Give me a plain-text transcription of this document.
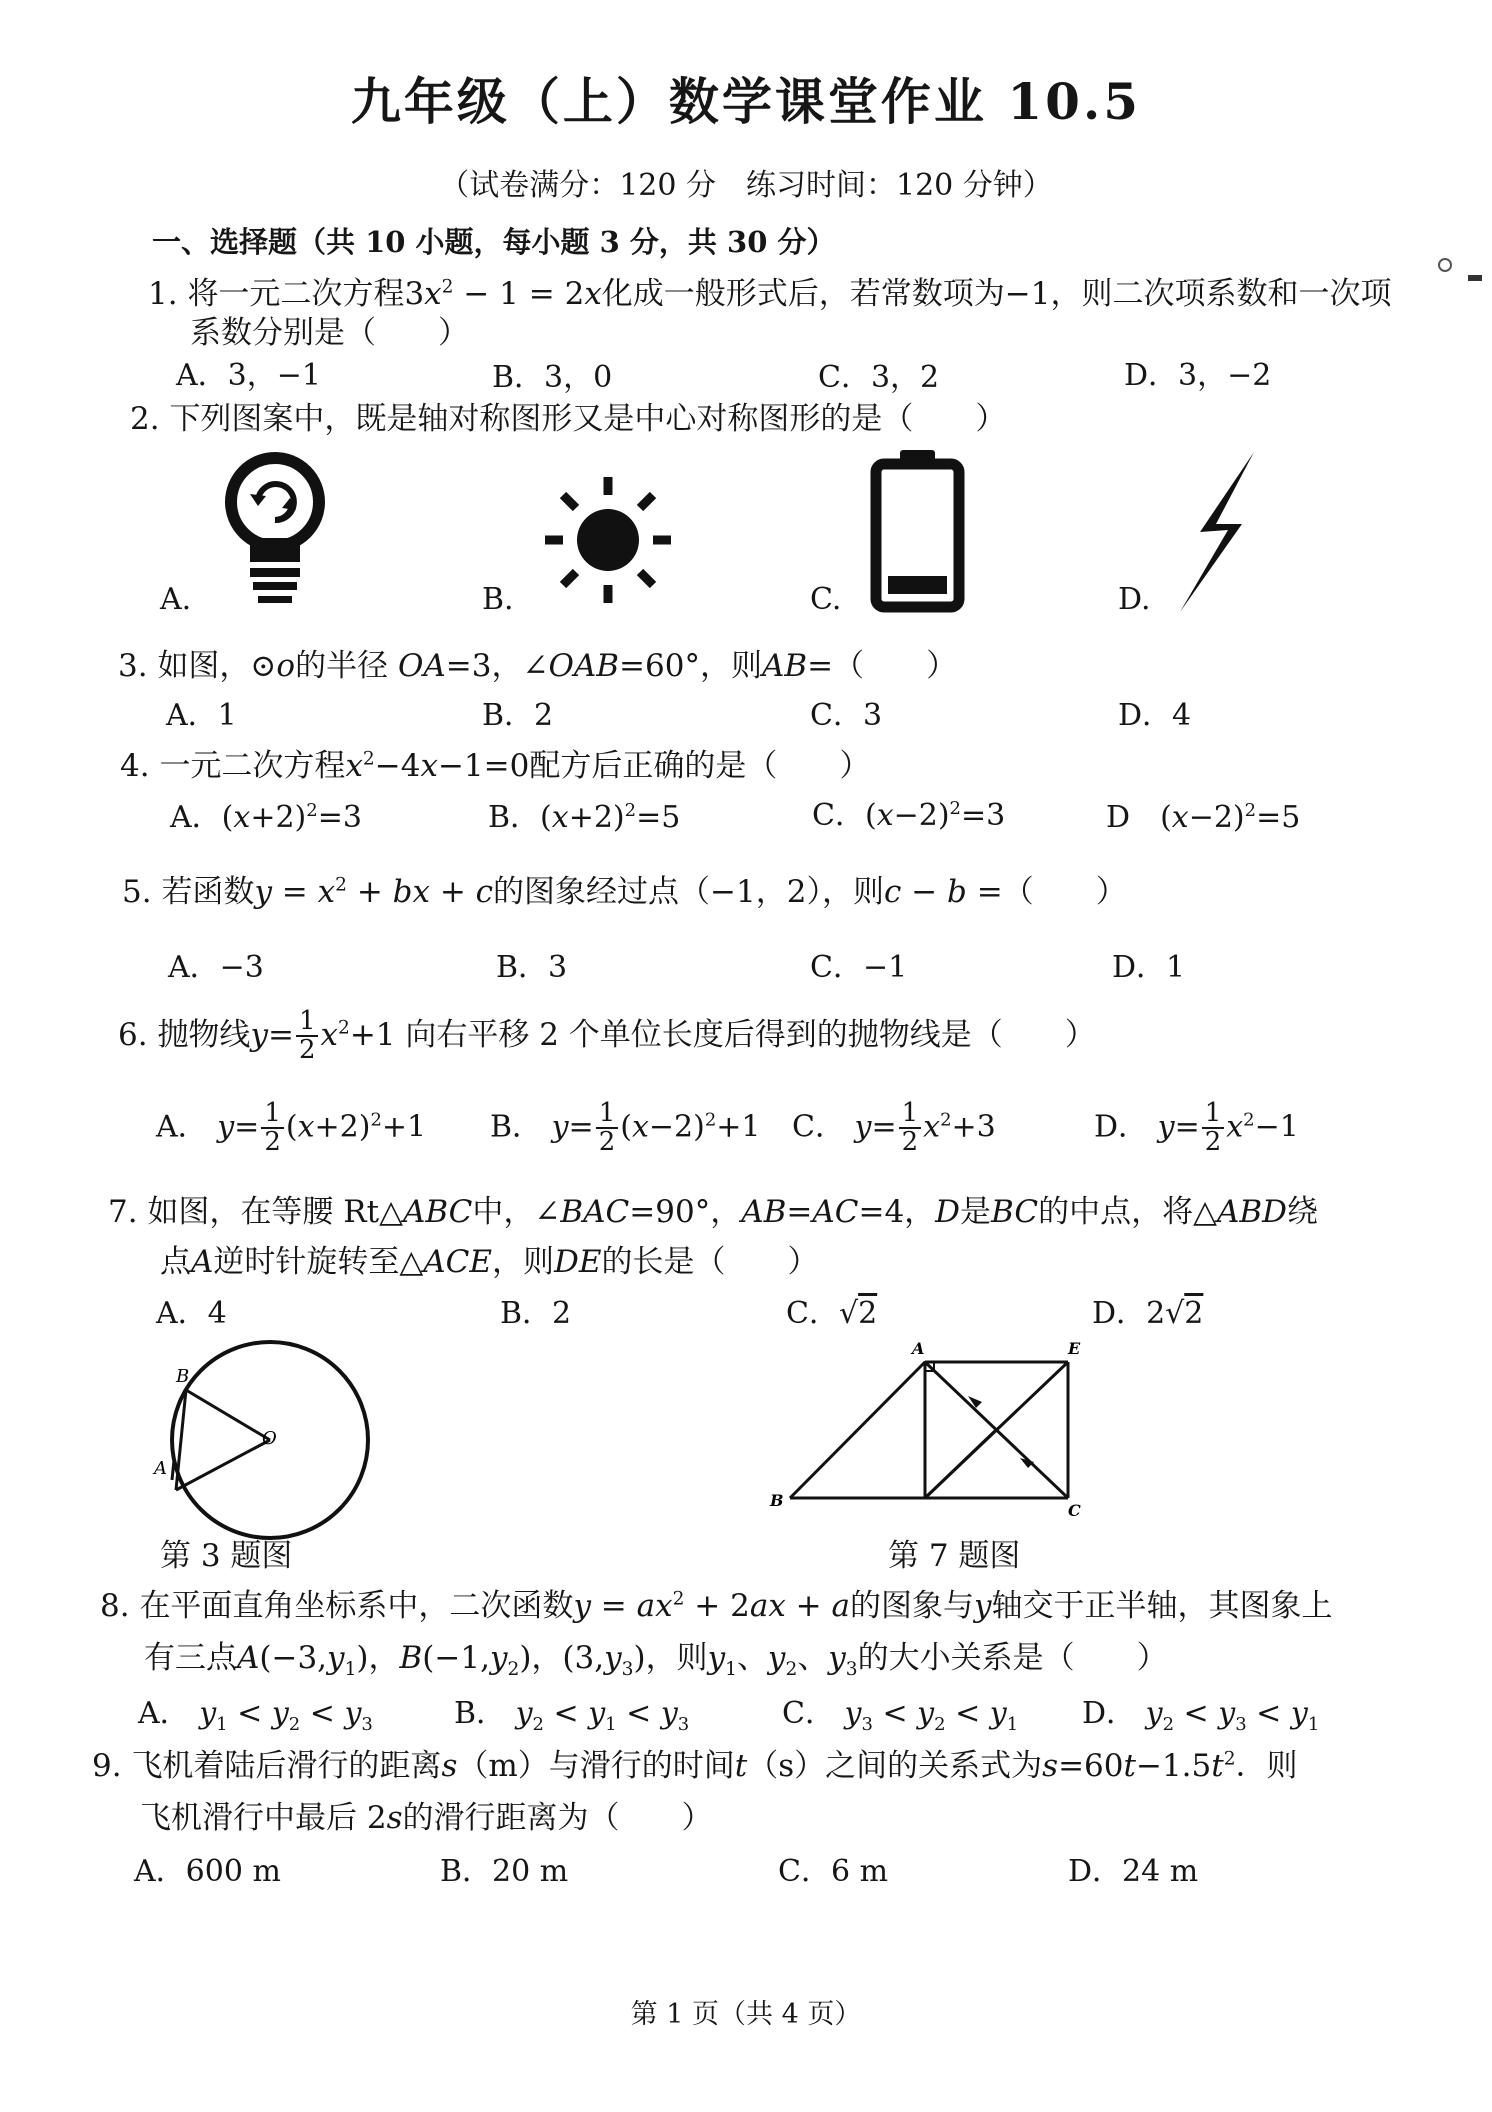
九年级（上）数学课堂作业 10.5
（试卷满分：120 分　练习时间：120 分钟）
一、选择题（共 10 小题，每小题 3 分，共 30 分）
1. 将一元二次方程$3x^2 - 1 = 2x$化成一般形式后，若常数项为−1，则二次项系数和一次项
系数分别是（　　）
A．3，−1	B．3，0	C．3，2	D．3，−2
2. 下列图案中，既是轴对称图形又是中心对称图形的是（　　）
A.	B.	C.	D.
3. 如图，⊙o的半径 OA=3，∠OAB=60°，则AB=（　　）
A．1	B．2	C．3	D．4
4. 一元二次方程$x^2-4x-1=0$配方后正确的是（　　）
A．$(x+2)^2=3$	B．$(x+2)^2=5$	C．$(x-2)^2=3$	D　$(x-2)^2=5$
5. 若函数$y = x^2$ + bx + c的图象经过点（−1，2），则c − b =（　　）
A．−3	B．3	C．−1	D．1
6. 抛物线$y= \frac{1}{2} x^2+1$ 向右平移 2 个单位长度后得到的抛物线是（　　）
A． $y= \frac{1}{2} (x+2)^2+1$ B． $y= \frac{1}{2} (x-2)^2+1$ C． $y= \frac{1}{2} x^2+3$	D． $y= \frac{1}{2} x^2-1$
7. 如图，在等腰 Rt△ABC中，∠BAC=90°，AB=AC=4，D是BC的中点，将△ABD绕
点A逆时针旋转至△ACE，则DE的长是（　　）
A．4	B．2	C．√2	D．2√2
B
O
A
第 3 题图
A	E
B
C
第 7 题图
8. 在平面直角坐标系中，二次函数$y = ax^2 + 2ax + a$的图象与y轴交于正半轴，其图象上
有三点$A(-3,y_1)$，$B(-1,y_2)$，$(3,y_3)$，则$y_1$、$y_2$、$y_3$的大小关系是（　　）
A． $y_1 < y_2 < y_3$	B． $y_2 < y_1 < y_3$	C． $y_3 < y_2 < y_1$ D． $y_2 < y_3 < y_1$
9. 飞机着陆后滑行的距离s（m）与滑行的时间t（s）之间的关系式为$s=60t-1.5t^2$．则
飞机滑行中最后 2s的滑行距离为（　　）
A．600 m	B．20 m	C．6 m	D．24 m
第 1 页（共 4 页）
